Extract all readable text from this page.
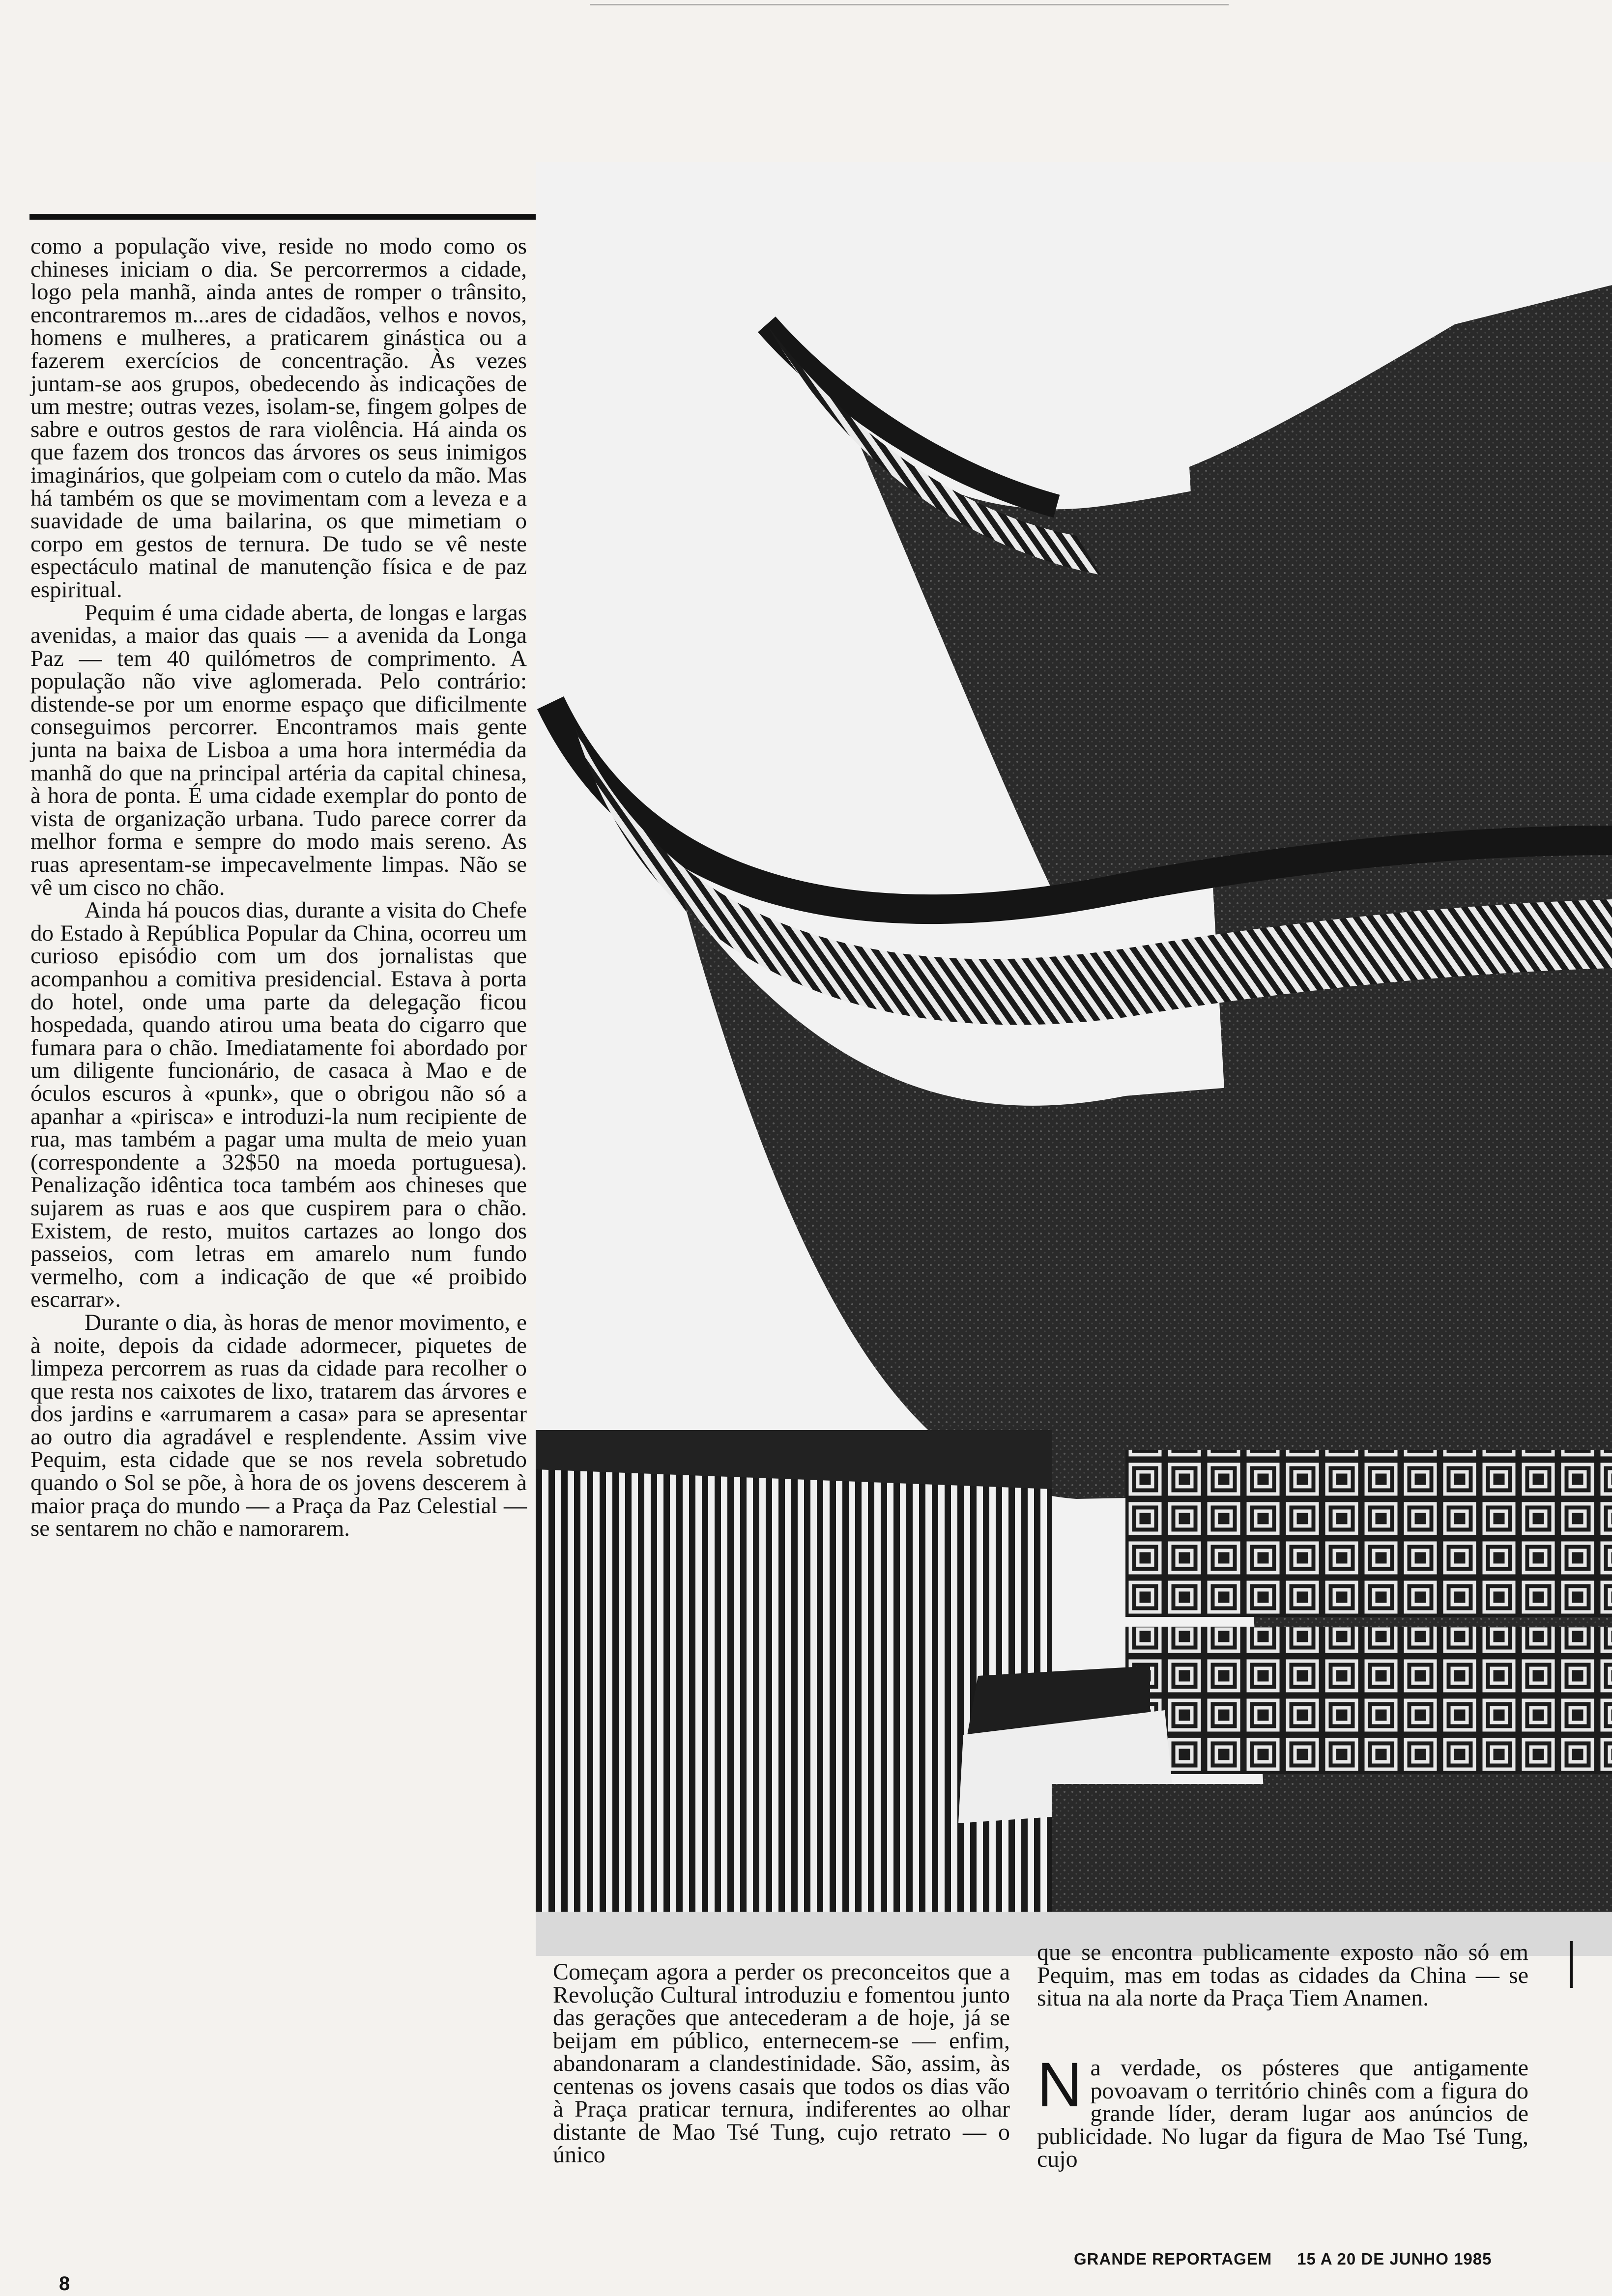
como a população vive, reside no modo como os chineses iniciam o dia. Se percorrermos a cidade, logo pela manhã, ainda antes de romper o trânsito, encontraremos m...ares de cidadãos, velhos e novos, homens e mulheres, a praticarem ginástica ou a fazerem exercícios de concentração. Às vezes juntam-se aos grupos, obedecendo às indicações de um mestre; outras vezes, isolam-se, fingem golpes de sabre e outros gestos de rara violência. Há ainda os que fazem dos troncos das árvores os seus inimigos imaginários, que golpeiam com o cutelo da mão. Mas há também os que se movimentam com a leveza e a suavidade de uma bailarina, os que mimetiam o corpo em gestos de ternura. De tudo se vê neste espectáculo matinal de manutenção física e de paz espiritual.

Pequim é uma cidade aberta, de longas e largas avenidas, a maior das quais — a avenida da Longa Paz — tem 40 quilómetros de comprimento. A população não vive aglomerada. Pelo contrário: distende-se por um enorme espaço que dificilmente conseguimos percorrer. Encontramos mais gente junta na baixa de Lisboa a uma hora intermédia da manhã do que na principal artéria da capital chinesa, à hora de ponta. É uma cidade exemplar do ponto de vista de organização urbana. Tudo parece correr da melhor forma e sempre do modo mais sereno. As ruas apresentam-se impecavelmente limpas. Não se vê um cisco no chão.

Ainda há poucos dias, durante a visita do Chefe do Estado à República Popular da China, ocorreu um curioso episódio com um dos jornalistas que acompanhou a comitiva presidencial. Estava à porta do hotel, onde uma parte da delegação ficou hospedada, quando atirou uma beata do cigarro que fumara para o chão. Imediatamente foi abordado por um diligente funcionário, de casaca à Mao e de óculos escuros à «punk», que o obrigou não só a apanhar a «pirisca» e introduzi-la num recipiente de rua, mas também a pagar uma multa de meio yuan (correspondente a 32$50 na moeda portuguesa). Penalização idêntica toca também aos chineses que sujarem as ruas e aos que cuspirem para o chão. Existem, de resto, muitos cartazes ao longo dos passeios, com letras em amarelo num fundo vermelho, com a indicação de que «é proibido escarrar».

Durante o dia, às horas de menor movimento, e à noite, depois da cidade adormecer, piquetes de limpeza percorrem as ruas da cidade para recolher o que resta nos caixotes de lixo, tratarem das árvores e dos jardins e «arrumarem a casa» para se apresentar ao outro dia agradável e resplendente. Assim vive Pequim, esta cidade que se nos revela sobretudo quando o Sol se põe, à hora de os jovens descerem à maior praça do mundo — a Praça da Paz Celestial — se sentarem no chão e namorarem.

Começam agora a perder os preconceitos que a Revolução Cultural introduziu e fomentou junto das gerações que antecederam a de hoje, já se beijam em público, enternecem-se — enfim, abandonaram a clandestinidade. São, assim, às centenas os jovens casais que todos os dias vão à Praça praticar ternura, indiferentes ao olhar distante de Mao Tsé Tung, cujo retrato — o único
que se encontra publicamente exposto não só em Pequim, mas em todas as cidades da China — se situa na ala norte da Praça Tiem Anamen.
N a verdade, os pósteres que antigamente povoavam o território chinês com a figura do grande líder, deram lugar aos anúncios de publicidade. No lugar da figura de Mao Tsé Tung, cujo
GRANDE REPORTAGEM 15 A 20 DE JUNHO 1985
8
